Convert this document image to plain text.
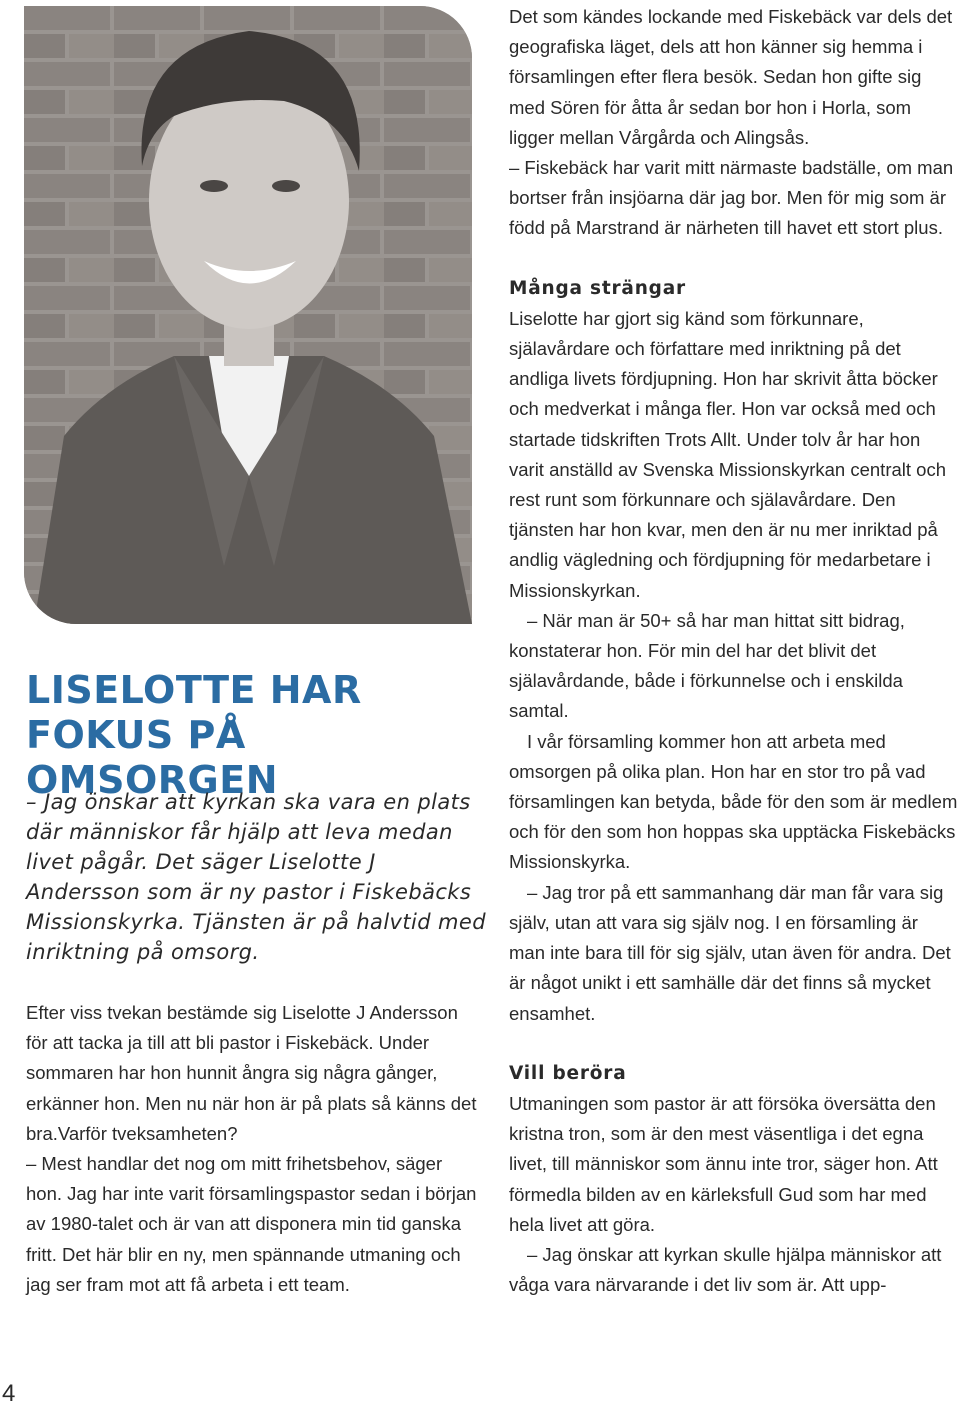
LISELOTTE HAR
FOKUS PÅ OMSORGEN

– Jag önskar att kyrkan ska vara en plats där människor får hjälp att leva medan livet pågår. Det säger Liselotte J Andersson som är ny pastor i Fiskebäcks Missionskyrka. Tjänsten är på halvtid med inriktning på omsorg.

Efter viss tvekan bestämde sig Liselotte J Andersson för att tacka ja till att bli pastor i Fiskebäck. Under sommaren har hon hunnit ångra sig några gånger, erkänner hon. Men nu när hon är på plats så känns det bra.Varför tveksamheten?

– Mest handlar det nog om mitt frihetsbehov, säger hon. Jag har inte varit församlingspastor sedan i början av 1980-talet och är van att disponera min tid ganska fritt. Det här blir en ny, men spännande utmaning och jag ser fram mot att få arbeta i ett team.

Det som kändes lockande med Fiskebäck var dels det geografiska läget, dels att hon känner sig hemma i församlingen efter flera besök. Sedan hon gifte sig med Sören för åtta år sedan bor hon i Horla, som ligger mellan Vårgårda och Alingsås.

– Fiskebäck har varit mitt närmaste badställe, om man bortser från insjöarna där jag bor. Men för mig som är född på Marstrand är närheten till havet ett stort plus.

Många strängar

Liselotte har gjort sig känd som förkunnare, själavårdare och författare med inriktning på det andliga livets fördjupning. Hon har skrivit åtta böcker och medverkat i många fler. Hon var också med och startade tidskriften Trots Allt. Under tolv år har hon varit anställd av Svenska Missionskyrkan centralt och rest runt som förkunnare och själavårdare. Den tjänsten har hon kvar, men den är nu mer inriktad på andlig vägledning och fördjupning för medarbetare i Missionskyrkan.

– När man är 50+ så har man hittat sitt bidrag, konstaterar hon. För min del har det blivit det själavårdande, både i förkunnelse och i enskilda samtal.

I vår församling kommer hon att arbeta med omsorgen på olika plan. Hon har en stor tro på vad församlingen kan betyda, både för den som är medlem och för den som hon hoppas ska upptäcka Fiskebäcks Missionskyrka.

– Jag tror på ett sammanhang där man får vara sig själv, utan att vara sig själv nog. I en församling är man inte bara till för sig själv, utan även för andra. Det är något unikt i ett samhälle där det finns så mycket ensamhet.

Vill beröra

Utmaningen som pastor är att försöka översätta den kristna tron, som är den mest väsentliga i det egna livet, till människor som ännu inte tror, säger hon. Att förmedla bilden av en kärleksfull Gud som har med hela livet att göra.

– Jag önskar att kyrkan skulle hjälpa människor att våga vara närvarande i det liv som är. Att upp-

4
